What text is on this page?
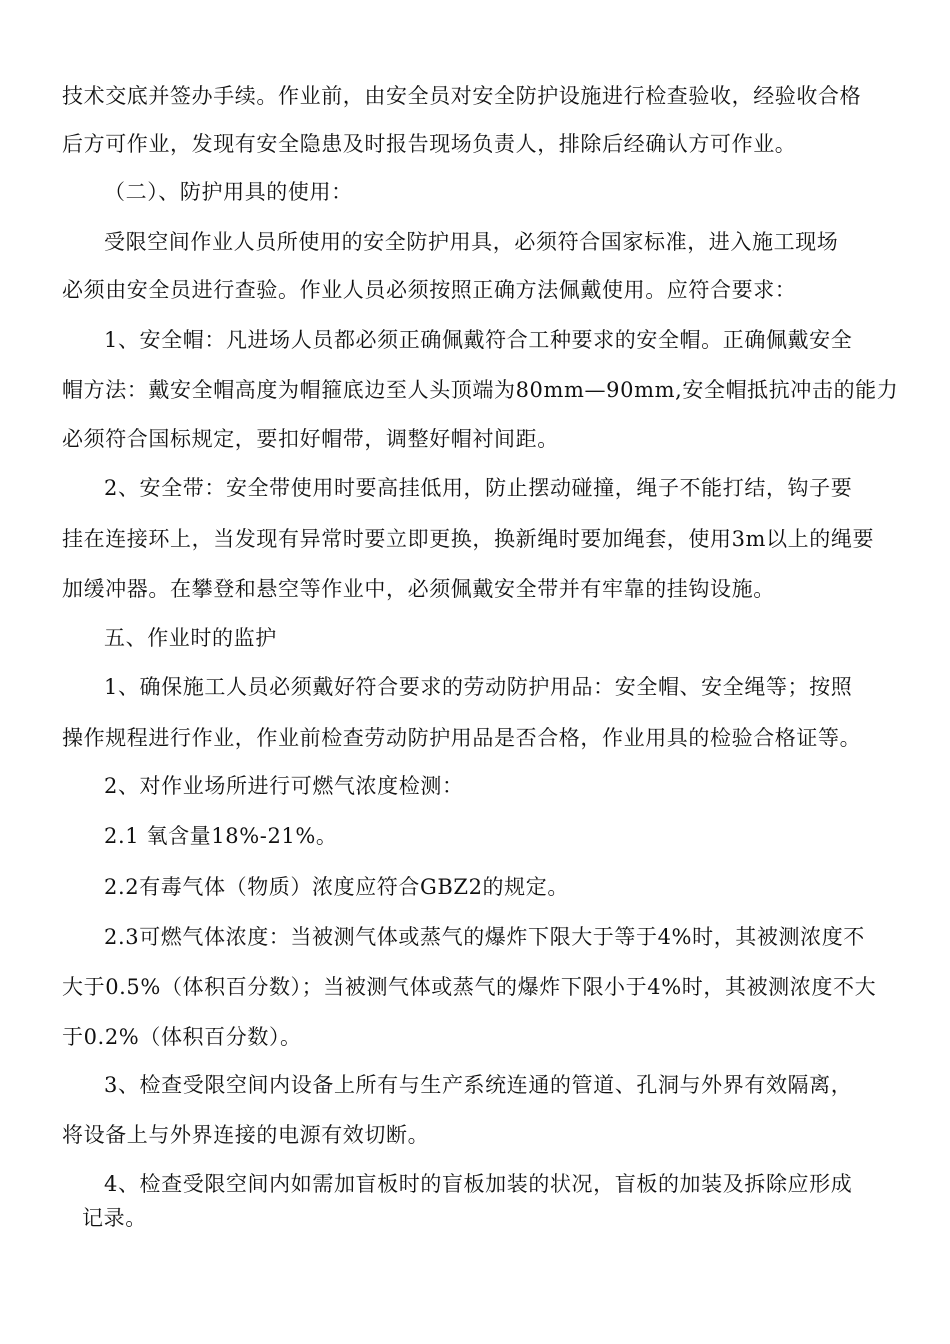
技术交底并签办手续。作业前，由安全员对安全防护设施进行检查验收，经验收合格
后方可作业，发现有安全隐患及时报告现场负责人，排除后经确认方可作业。
（二）、防护用具的使用：
受限空间作业人员所使用的安全防护用具，必须符合国家标准，进入施工现场
必须由安全员进行查验。作业人员必须按照正确方法佩戴使用。应符合要求：
1、安全帽：凡进场人员都必须正确佩戴符合工种要求的安全帽。正确佩戴安全
帽方法：戴安全帽高度为帽箍底边至人头顶端为80mm—90mm,安全帽抵抗冲击的能力
必须符合国标规定，要扣好帽带，调整好帽衬间距。
2、安全带：安全带使用时要高挂低用，防止摆动碰撞，绳子不能打结，钩子要
挂在连接环上，当发现有异常时要立即更换，换新绳时要加绳套，使用3m以上的绳要
加缓冲器。在攀登和悬空等作业中，必须佩戴安全带并有牢靠的挂钩设施。
五、作业时的监护
1、确保施工人员必须戴好符合要求的劳动防护用品：安全帽、安全绳等；按照
操作规程进行作业，作业前检查劳动防护用品是否合格，作业用具的检验合格证等。
2、对作业场所进行可燃气浓度检测：
2.1 氧含量18%-21%。
2.2有毒气体（物质）浓度应符合GBZ2的规定。
2.3可燃气体浓度：当被测气体或蒸气的爆炸下限大于等于4%时，其被测浓度不
大于0.5%（体积百分数）；当被测气体或蒸气的爆炸下限小于4%时，其被测浓度不大
于0.2%（体积百分数）。
3、检查受限空间内设备上所有与生产系统连通的管道、孔洞与外界有效隔离，
将设备上与外界连接的电源有效切断。
4、检查受限空间内如需加盲板时的盲板加装的状况，盲板的加装及拆除应形成
记录。
